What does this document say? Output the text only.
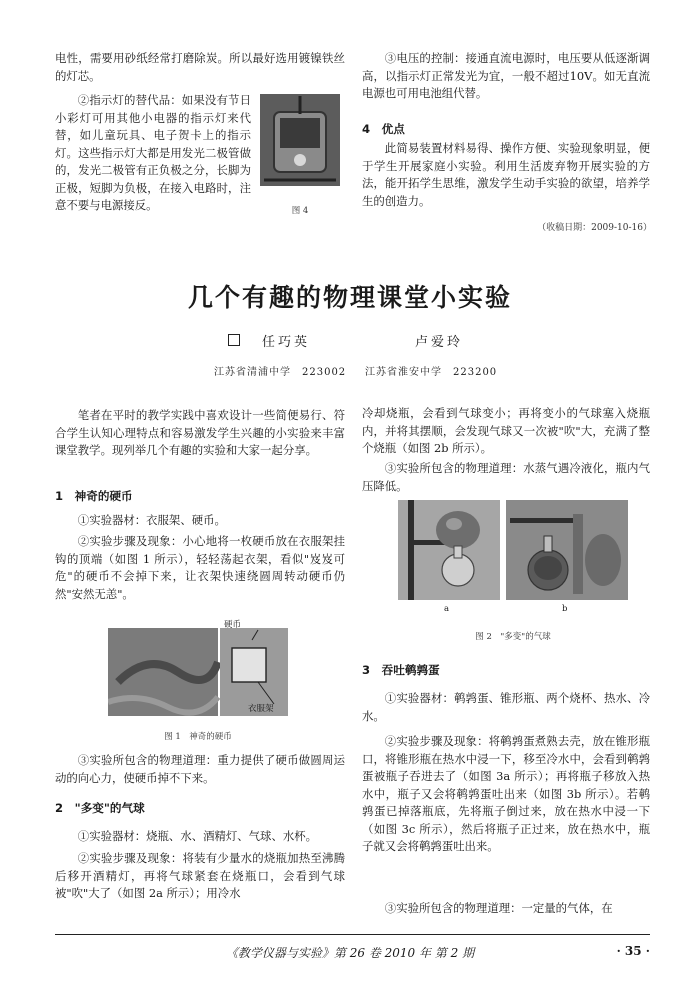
电性，需要用砂纸经常打磨除炭。所以最好选用镀镍铁丝的灯芯。

图 4

②指示灯的替代品：如果没有节日小彩灯可用其他小电器的指示灯来代替，如儿童玩具、电子贺卡上的指示灯。这些指示灯大都是用发光二极管做的，发光二极管有正负极之分，长脚为正极，短脚为负极，在接入电路时，注意不要与电源接反。

③电压的控制：接通直流电源时，电压要从低逐渐调高，以指示灯正常发光为宜，一般不超过10V。如无直流电源也可用电池组代替。

4　优点

此简易装置材料易得、操作方便、实验现象明显，便于学生开展家庭小实验。利用生活废弃物开展实验的方法，能开拓学生思维，激发学生动手实验的欲望，培养学生的创造力。

（收稿日期：2009-10-16）
几个有趣的物理课堂小实验
任巧英	卢爱玲
江苏省清浦中学　223002 江苏省淮安中学　223200

笔者在平时的教学实践中喜欢设计一些简便易行、符合学生认知心理特点和容易激发学生兴趣的小实验来丰富课堂教学。现列举几个有趣的实验和大家一起分享。

1　神奇的硬币

①实验器材：衣服架、硬币。

②实验步骤及现象：小心地将一枚硬币放在衣服架挂钩的顶端（如图 1 所示），轻轻荡起衣架，看似"岌岌可危"的硬币不会掉下来，让衣架快速绕圆周转动硬币仍然"安然无恙"。

硬币
衣服架
图 1　神奇的硬币

③实验所包含的物理道理：重力提供了硬币做圆周运动的向心力，使硬币掉不下来。

2　"多变"的气球

①实验器材：烧瓶、水、酒精灯、气球、水杯。

②实验步骤及现象：将装有少量水的烧瓶加热至沸腾后移开酒精灯，再将气球紧套在烧瓶口，会看到气球被"吹"大了（如图 2a 所示）；用冷水

冷却烧瓶，会看到气球变小；再将变小的气球塞入烧瓶内，并将其摆顺，会发现气球又一次被"吹"大，充满了整个烧瓶（如图 2b 所示）。

③实验所包含的物理道理：水蒸气遇冷液化，瓶内气压降低。

a	b
图 2　"多变"的气球
3　吞吐鹌鹑蛋

①实验器材：鹌鹑蛋、锥形瓶、两个烧杯、热水、冷水。

②实验步骤及现象：将鹌鹑蛋煮熟去壳，放在锥形瓶口，将锥形瓶在热水中浸一下，移至冷水中，会看到鹌鹑蛋被瓶子吞进去了（如图 3a 所示）；再将瓶子移放入热水中，瓶子又会将鹌鹑蛋吐出来（如图 3b 所示）。若鹌鹑蛋已掉落瓶底，先将瓶子倒过来，放在热水中浸一下（如图 3c 所示），然后将瓶子正过来，放在热水中，瓶子就又会将鹌鹑蛋吐出来。

③实验所包含的物理道理：一定量的气体，在

《教学仪器与实验》第 26 卷 2010 年 第 2 期	· 35 ·
